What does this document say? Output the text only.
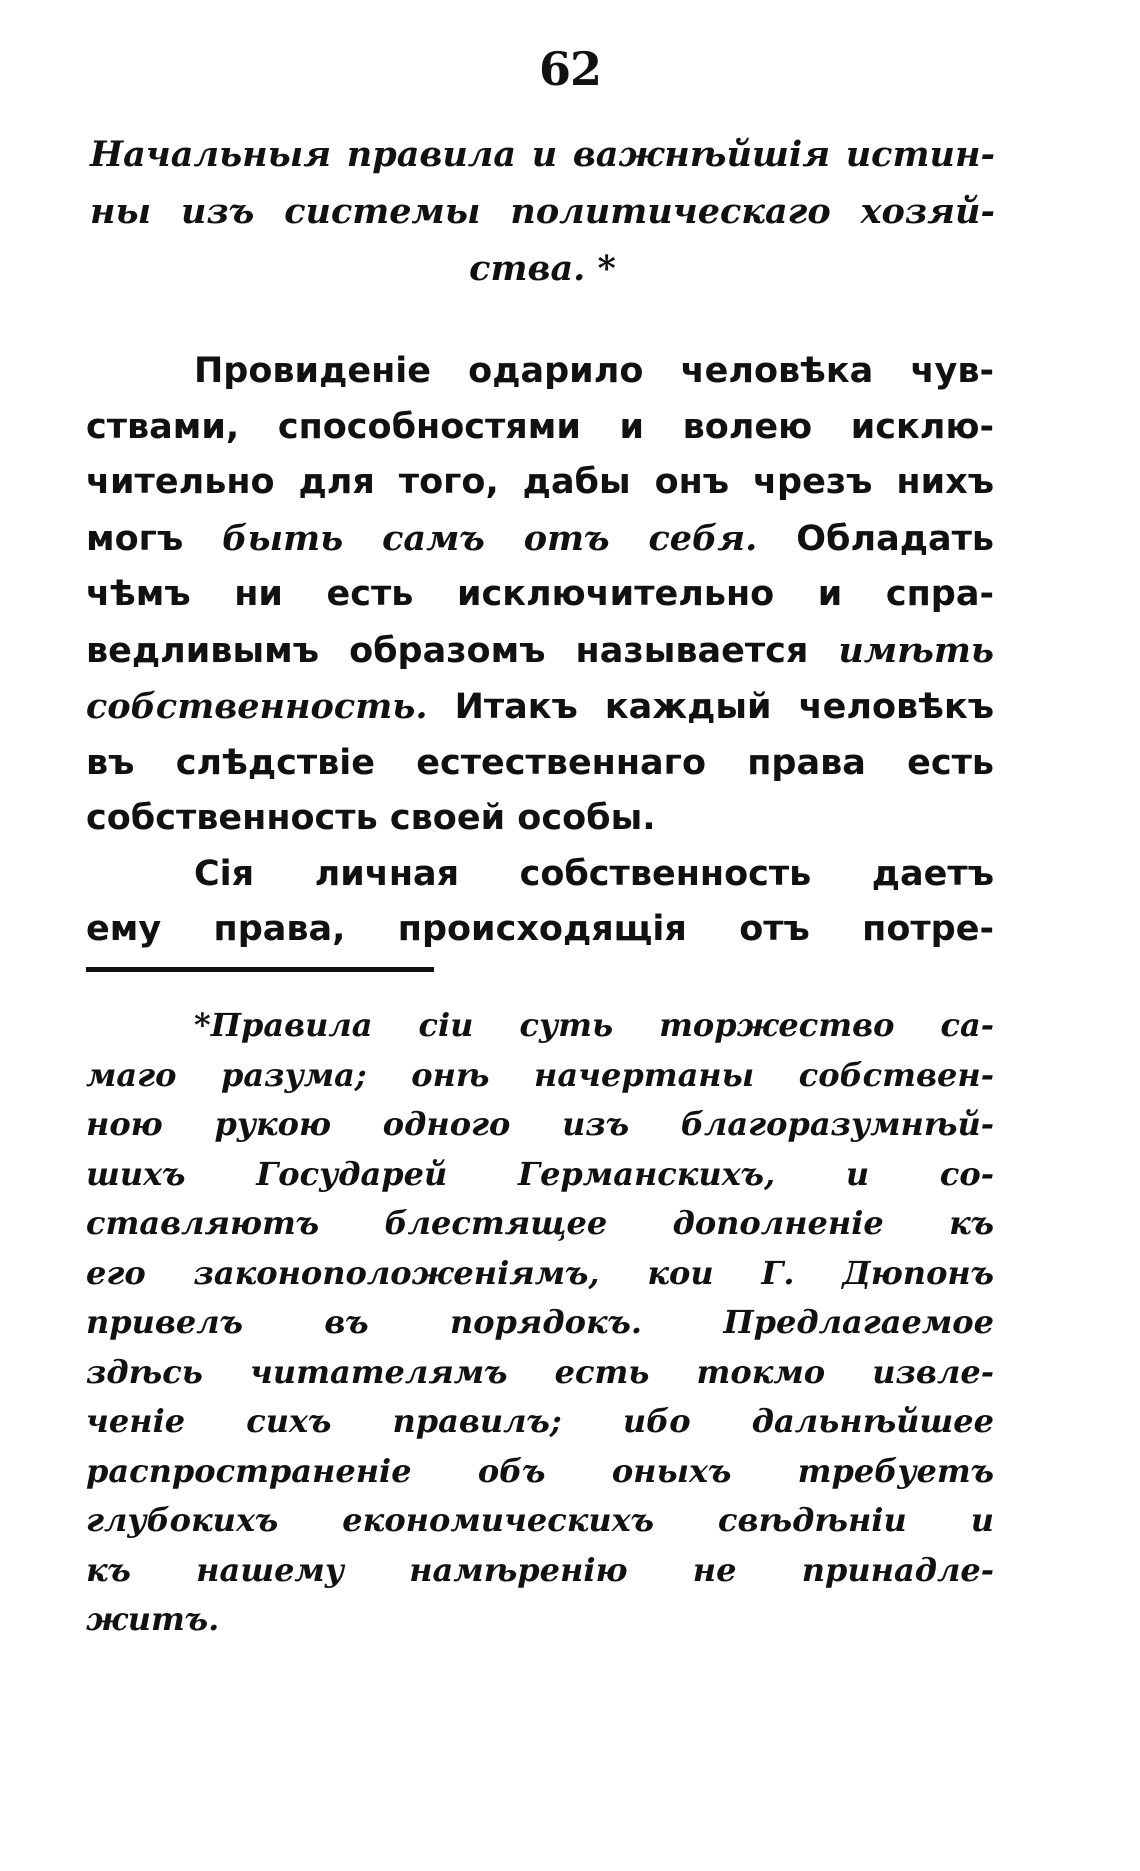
62
Начальныя правила и важнѣйшія истин-
ны изъ системы политическаго хозяй-
ства. *
Провиденіе одарило человѣка чув-
ствами, способностями и волею исклю-
чительно для того, дабы онъ чрезъ нихъ
могъ быть самъ отъ себя. Обладать
чѣмъ ни есть исключительно и спра-
ведливымъ образомъ называется имѣть
собственность. Итакъ каждый человѣкъ
въ слѣдствіе естественнаго права есть
собственность своей особы.
Сія личная собственность даетъ
ему права, происходящія отъ потре-
*Правила сіи суть торжество са-
маго разума; онѣ начертаны собствен-
ною рукою одного изъ благоразумнѣй-
шихъ Государей Германскихъ, и со-
ставляютъ блестящее дополненіе къ
его законоположеніямъ, кои Г. Дюпонъ
привелъ въ порядокъ. Предлагаемое
здѣсь читателямъ есть токмо извле-
ченіе сихъ правилъ; ибо дальнѣйшее
распространеніе объ оныхъ требуетъ
глубокихъ економическихъ свѣдѣніи и
къ нашему намѣренію не принадле-
житъ.
